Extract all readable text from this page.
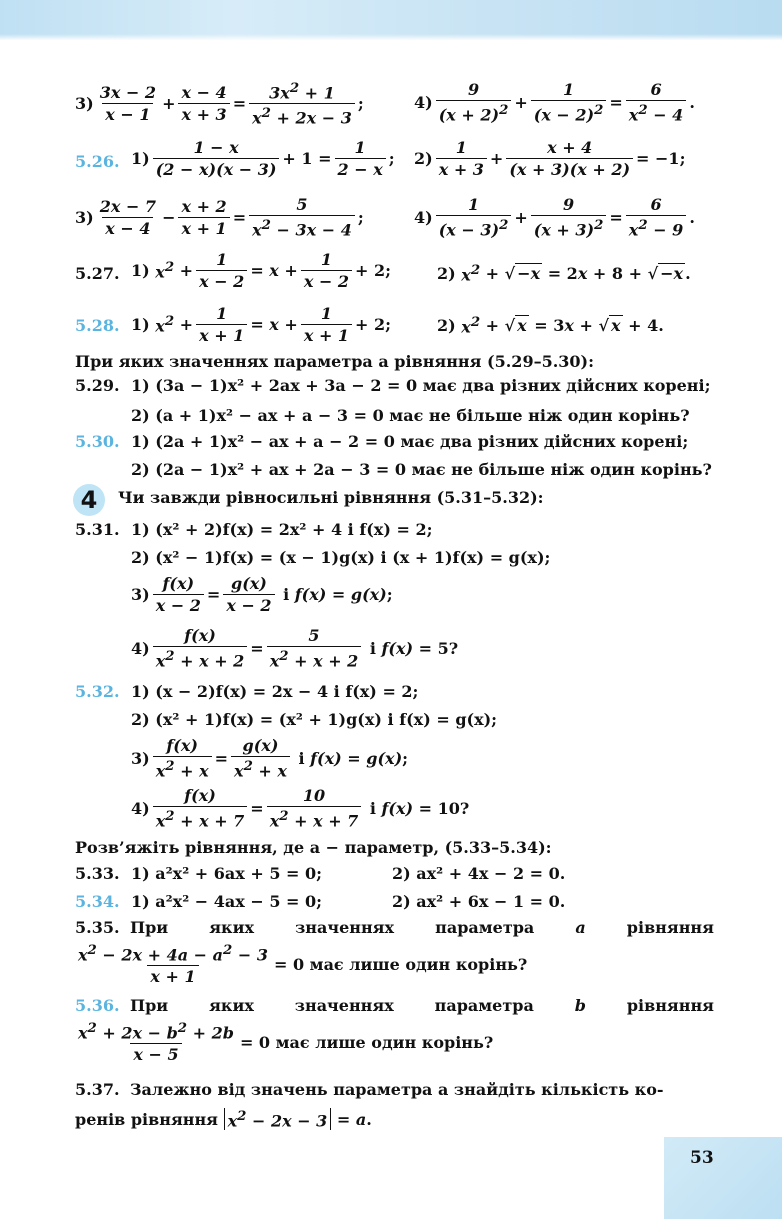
$3) \frac{3x - 2}{x - 1} + \frac{x - 4}{x + 3} = \frac{3x^2 + 1}{x^2 + 2x - 3}$ ;	$4) \frac{9}{(x + 2)^2} + \frac{1}{(x - 2)^2} = \frac{6}{x^2 - 4}$ .
5.26. $1) \frac{1 - x}{(2 - x)(x - 3)} + 1 = \frac{1}{2 - x}$ ; $2) \frac{1}{x + 3} + \frac{x + 4}{(x + 3)(x + 2)} = -1$;
$3) \frac{2x - 7}{x - 4} - \frac{x + 2}{x + 1} = \frac{5}{x^2 - 3x - 4}$ ;	$4) \frac{1}{(x - 3)^2} + \frac{9}{(x + 3)^2} = \frac{6}{x^2 - 9}$ .
5.27. 1) $x^2 + \frac{1}{x - 2} = x + \frac{1}{x - 2} + 2$;	2) $x^2$ + √ −x = 2 x + 8 + √ −x .
5.28. 1) $x^2 + \frac{1}{x + 1} = x + \frac{1}{x + 1} + 2$;	2) $x^2$ + √ x = 3 x + √ x + 4.
При яких значеннях параметра a рівняння (5.29–5.30):
5.29. 1) (3a − 1)x² + 2ax + 3a − 2 = 0 має два різних дійсних корені;
2) (a + 1)x² − ax + a − 3 = 0 має не більше ніж один корінь?
5.30. 1) (2a + 1)x² − ax + a − 2 = 0 має два різних дійсних корені;
2) (2a − 1)x² + ax + 2a − 3 = 0 має не більше ніж один корінь?
4	Чи завжди рівносильні рівняння (5.31–5.32):
5.31. 1) (x² + 2)f(x) = 2x² + 4 і f(x) = 2;
2) (x² − 1)f(x) = (x − 1)g(x) і (x + 1)f(x) = g(x);
$3) \frac{f(x)}{x - 2} = \frac{g(x)}{x - 2}$ і f(x) = g(x) ;
$4) \frac{f(x)}{x^2 + x + 2} = \frac{5}{x^2 + x + 2}$ і f(x) = 5?
5.32. 1) (x − 2)f(x) = 2x − 4 і f(x) = 2;
2) (x² + 1)f(x) = (x² + 1)g(x) і f(x) = g(x);
$3) \frac{f(x)}{x^2 + x} = \frac{g(x)}{x^2 + x}$ і f(x) = g(x) ;
$4) \frac{f(x)}{x^2 + x + 7} = \frac{10}{x^2 + x + 7}$ і f(x) = 10?
Розв’яжіть рівняння, де a − параметр, (5.33–5.34):
5.33. 1) a²x² + 6ax + 5 = 0;	2) ax² + 4x − 2 = 0.
5.34. 1) a²x² − 4ax − 5 = 0;	2) ax² + 6x − 1 = 0.
5.35. При	яких	значеннях	параметра	a	рівняння
$\frac{x^2 - 2x + 4a - a^2 - 3}{x + 1} = 0$ має лише один корінь?
5.36. При	яких	значеннях	параметра	b	рівняння
$\frac{x^2 + 2x - b^2 + 2b}{x - 5} = 0$ має лише один корінь?
5.37. Залежно від значень параметра a знайдіть кількість ко-
ренів рівняння
$x^2 - 2x - 3 = a$ .
53
